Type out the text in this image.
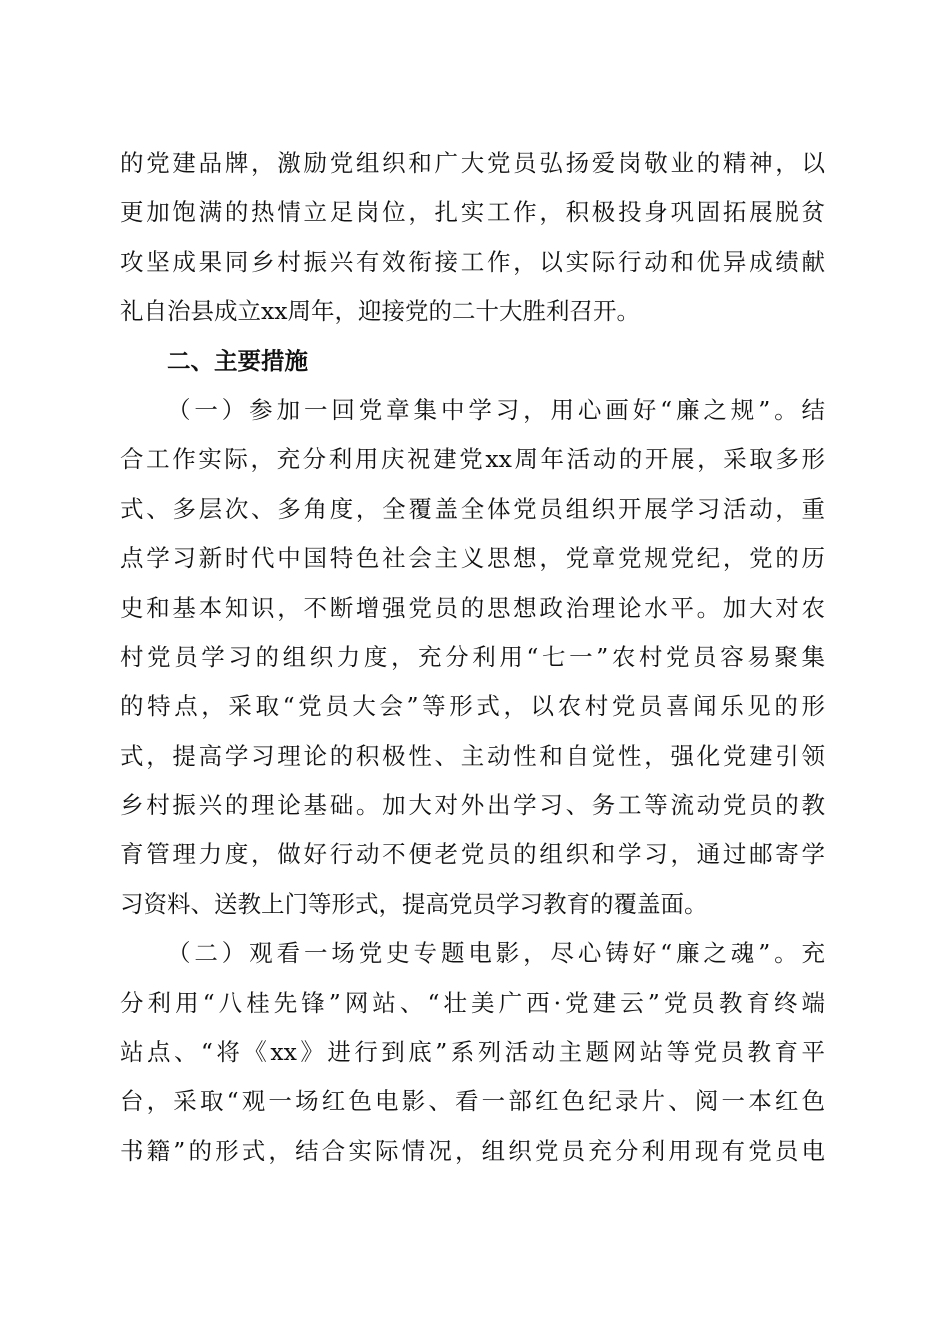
的党建品牌，激励党组织和广大党员弘扬爱岗敬业的精神，以
更加饱满的热情立足岗位，扎实工作，积极投身巩固拓展脱贫
攻坚成果同乡村振兴有效衔接工作，以实际行动和优异成绩献
礼自治县成立xx周年，迎接党的二十大胜利召开。
二、主要措施
（一）参加一回党章集中学习，用心画好“廉之规”。结
合工作实际，充分利用庆祝建党xx周年活动的开展，采取多形
式、多层次、多角度，全覆盖全体党员组织开展学习活动，重
点学习新时代中国特色社会主义思想，党章党规党纪，党的历
史和基本知识，不断增强党员的思想政治理论水平。加大对农
村党员学习的组织力度，充分利用“七一”农村党员容易聚集
的特点，采取“党员大会”等形式，以农村党员喜闻乐见的形
式，提高学习理论的积极性、主动性和自觉性，强化党建引领
乡村振兴的理论基础。加大对外出学习、务工等流动党员的教
育管理力度，做好行动不便老党员的组织和学习，通过邮寄学
习资料、送教上门等形式，提高党员学习教育的覆盖面。
（二）观看一场党史专题电影，尽心铸好“廉之魂”。充
分利用“八桂先锋”网站、“壮美广西·党建云”党员教育终端
站点、“将《xx》进行到底”系列活动主题网站等党员教育平
台，采取“观一场红色电影、看一部红色纪录片、阅一本红色
书籍”的形式，结合实际情况，组织党员充分利用现有党员电
